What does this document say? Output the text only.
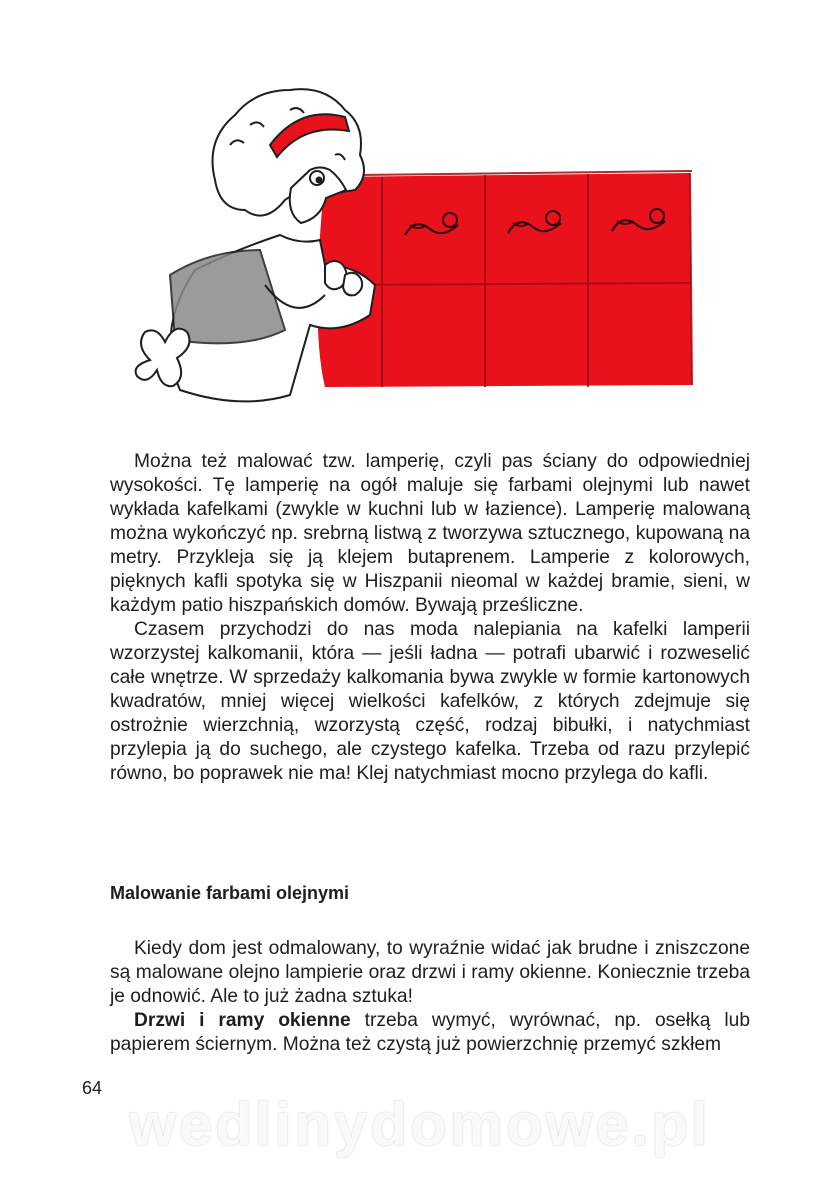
Można też malować tzw. lamperię, czyli pas ściany do odpowiedniej wysokości. Tę lamperię na ogół maluje się farbami olejnymi lub nawet wykłada kafelkami (zwykle w kuchni lub w łazience). Lamperię malowaną można wykończyć np. srebrną listwą z tworzywa sztucznego, kupowaną na metry. Przykleja się ją klejem butaprenem. Lamperie z kolorowych, pięknych kafli spotyka się w Hiszpanii nieomal w każdej bramie, sieni, w każdym patio hiszpańskich domów. Bywają prześliczne.

Czasem przychodzi do nas moda nalepiania na kafelki lamperii wzorzystej kalkomanii, która — jeśli ładna — potrafi ubarwić i rozweselić całe wnętrze. W sprzedaży kalkomania bywa zwykle w formie kartonowych kwadratów, mniej więcej wielkości kafelków, z których zdejmuje się ostrożnie wierzchnią, wzorzystą część, rodzaj bibułki, i natychmiast przylepia ją do suchego, ale czystego kafelka. Trzeba od razu przylepić równo, bo poprawek nie ma! Klej natychmiast mocno przylega do kafli.

Malowanie farbami olejnymi

Kiedy dom jest odmalowany, to wyraźnie widać jak brudne i zniszczone są malowane olejno lampierie oraz drzwi i ramy okienne. Koniecznie trzeba je odnowić. Ale to już żadna sztuka!

Drzwi i ramy okienne trzeba wymyć, wyrównać, np. osełką lub papierem ściernym. Można też czystą już powierzchnię przemyć szkłem

64
wedlinydomowe.pl
